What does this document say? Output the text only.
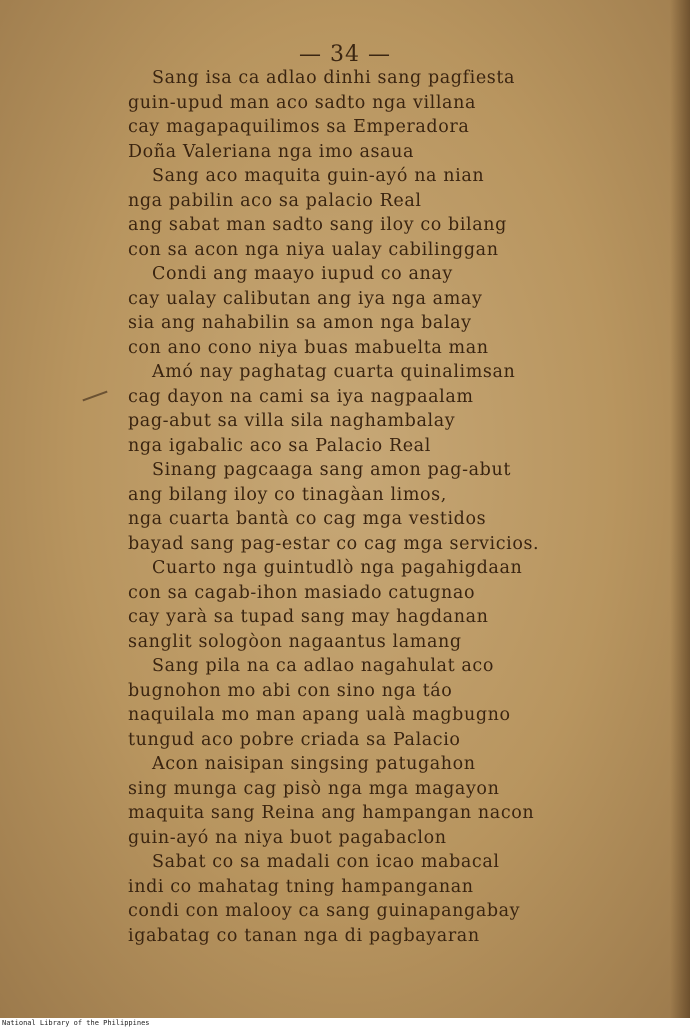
— 34 —
Sang isa ca adlao dinhi sang pagfiesta
guin-upud man aco sadto nga villana
cay magapaquilimos sa Emperadora
Doña Valeriana nga imo asaua
Sang aco maquita guin-ayó na nian
nga pabilin aco sa palacio Real
ang sabat man sadto sang iloy co bilang
con sa acon nga niya ualay cabilinggan
Condi ang maayo iupud co anay
cay ualay calibutan ang iya nga amay
sia ang nahabilin sa amon nga balay
con ano cono niya buas mabuelta man
Amó nay paghatag cuarta quinalimsan
cag dayon na cami sa iya nagpaalam
pag-abut sa villa sila naghambalay
nga igabalic aco sa Palacio Real
Sinang pagcaaga sang amon pag-abut
ang bilang iloy co tinagàan limos,
nga cuarta bantà co cag mga vestidos
bayad sang pag-estar co cag mga servicios.
Cuarto nga guintudlò nga pagahigdaan
con sa cagab-ihon masiado catugnao
cay yarà sa tupad sang may hagdanan
sanglit sologòon nagaantus lamang
Sang pila na ca adlao nagahulat aco
bugnohon mo abi con sino nga táo
naquilala mo man apang ualà magbugno
tungud aco pobre criada sa Palacio
Acon naisipan singsing patugahon
sing munga cag pisò nga mga magayon
maquita sang Reina ang hampangan nacon
guin-ayó na niya buot pagabaclon
Sabat co sa madali con icao mabacal
indi co mahatag tning hampanganan
condi con malooy ca sang guinapangabay
igabatag co tanan nga di pagbayaran
National Library of the Philippines
